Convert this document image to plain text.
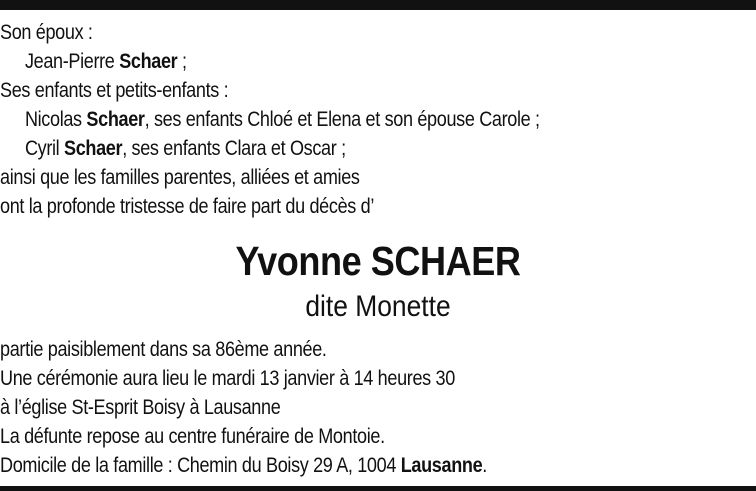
Son époux :
Jean-Pierre Schaer ;
Ses enfants et petits-enfants :
Nicolas Schaer, ses enfants Chloé et Elena et son épouse Carole ;
Cyril Schaer, ses enfants Clara et Oscar ;
ainsi que les familles parentes, alliées et amies
ont la profonde tristesse de faire part du décès d’
Yvonne SCHAER
dite Monette
partie paisiblement dans sa 86ème année.
Une cérémonie aura lieu le mardi 13 janvier à 14 heures 30
à l’église St-Esprit Boisy à Lausanne
La défunte repose au centre funéraire de Montoie.
Domicile de la famille : Chemin du Boisy 29 A, 1004 Lausanne.
